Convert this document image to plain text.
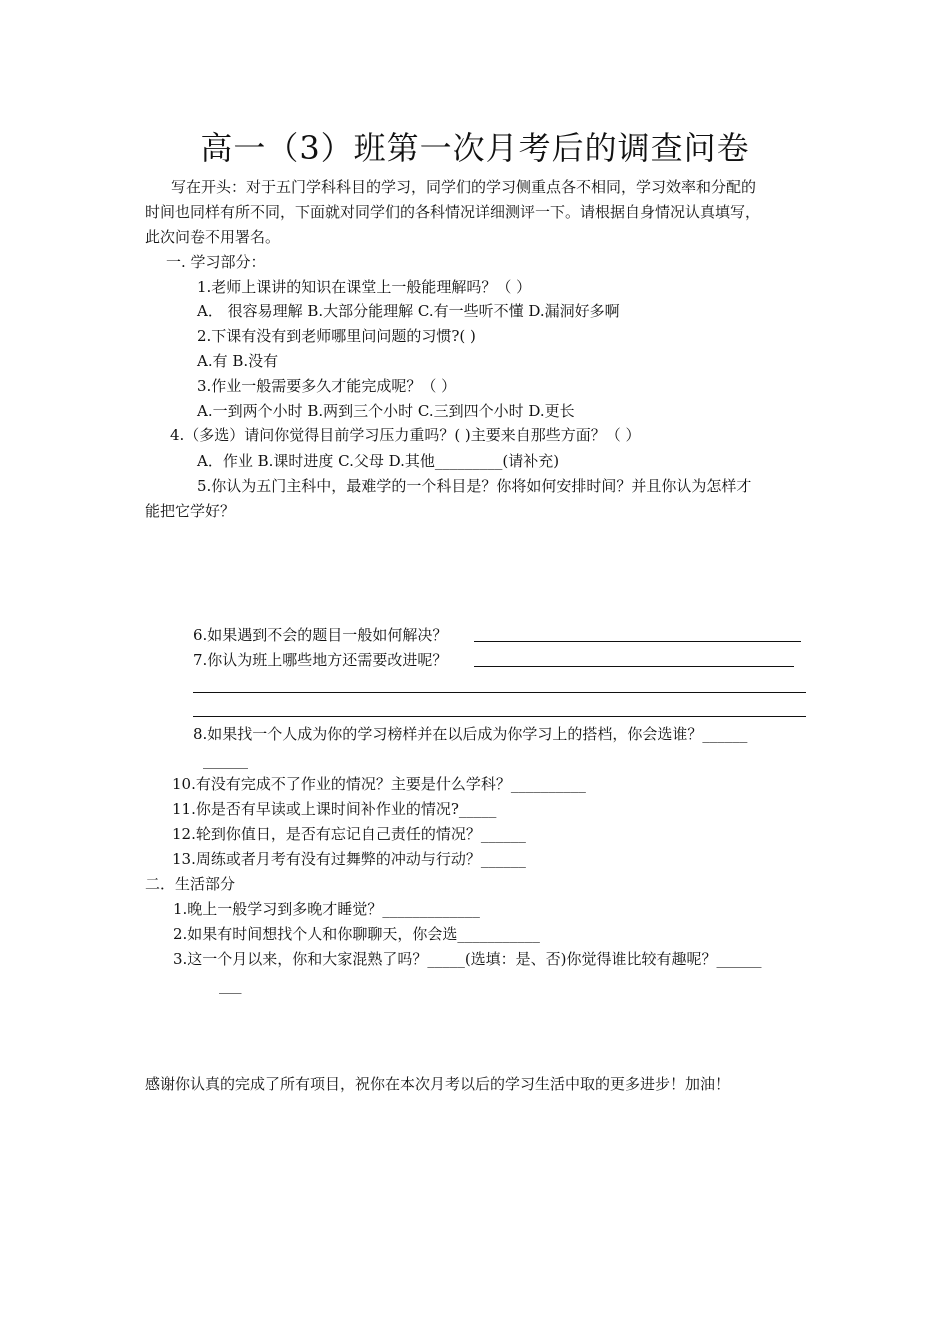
高一（3）班第一次月考后的调查问卷
写在开头：对于五门学科科目的学习，同学们的学习侧重点各不相同，学习效率和分配的
时间也同样有所不同，下面就对同学们的各科情况详细测评一下。请根据自身情况认真填写，
此次问卷不用署名。
一. 学习部分：
1.老师上课讲的知识在课堂上一般能理解吗？（ ）
A． 很容易理解 B.大部分能理解 C.有一些听不懂 D.漏洞好多啊
2.下课有没有到老师哪里问问题的习惯?( )
A.有 B.没有
3.作业一般需要多久才能完成呢？（ ）
A.一到两个小时 B.两到三个小时 C.三到四个小时 D.更长
4.（多选）请问你觉得目前学习压力重吗？( )主要来自那些方面？（ ）
A．作业 B.课时进度 C.父母 D.其他_________(请补充)
5.你认为五门主科中，最难学的一个科目是？你将如何安排时间？并且你认为怎样才
能把它学好？
6.如果遇到不会的题目一般如何解决？
7.你认为班上哪些地方还需要改进呢？
8.如果找一个人成为你的学习榜样并在以后成为你学习上的搭档，你会选谁？______
______
10.有没有完成不了作业的情况？主要是什么学科？__________
11.你是否有早读或上课时间补作业的情况?_____
12.轮到你值日，是否有忘记自己责任的情况？______
13.周练或者月考有没有过舞弊的冲动与行动？______
二．生活部分
1.晚上一般学习到多晚才睡觉？_____________
2.如果有时间想找个人和你聊聊天，你会选___________
3.这一个月以来，你和大家混熟了吗？_____(选填：是、否)你觉得谁比较有趣呢？______
___
感谢你认真的完成了所有项目，祝你在本次月考以后的学习生活中取的更多进步！加油！
